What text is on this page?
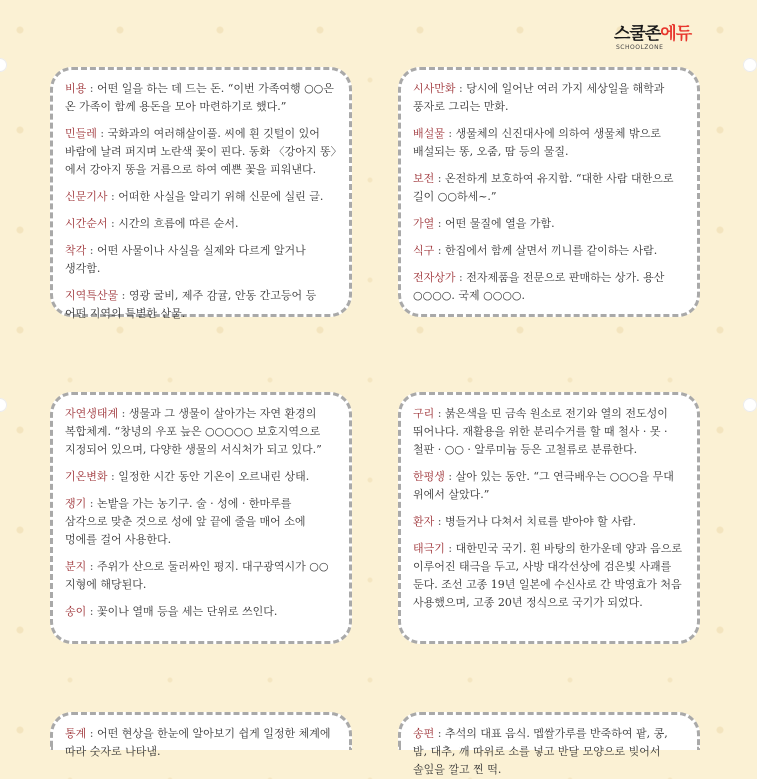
스쿨존에듀
SCHOOLZONE
비용 : 어떤 일을 하는 데 드는 돈. “이번 가족여행 ○○은 온 가족이 함께 용돈을 모아 마련하기로 했다.”
민들레 : 국화과의 여러해살이풀. 씨에 흰 깃털이 있어 바람에 날려 퍼지며 노란색 꽃이 핀다. 동화 〈강아지 똥〉에서 강아지 똥을 거름으로 하여 예쁜 꽃을 피워낸다.
신문기사 : 어떠한 사실을 알리기 위해 신문에 실린 글.
시간순서 : 시간의 흐름에 따른 순서.
착각 : 어떤 사물이나 사실을 실제와 다르게 알거나 생각함.
지역특산물 : 영광 굴비, 제주 감귤, 안동 간고등어 등 어떤 지역의 특별한 산물.
시사만화 : 당시에 일어난 여러 가지 세상일을 해학과 풍자로 그리는 만화.
배설물 : 생물체의 신진대사에 의하여 생물체 밖으로 배설되는 똥, 오줌, 땀 등의 물질.
보전 : 온전하게 보호하여 유지함. “대한 사람 대한으로 길이 ○○하세~.”
가열 : 어떤 물질에 열을 가함.
식구 : 한집에서 함께 살면서 끼니를 같이하는 사람.
전자상가 : 전자제품을 전문으로 판매하는 상가. 용산 ○○○○. 국제 ○○○○.
자연생태계 : 생물과 그 생물이 살아가는 자연 환경의 복합체계. “창녕의 우포 늪은 ○○○○○ 보호지역으로 지정되어 있으며, 다양한 생물의 서식처가 되고 있다.”
기온변화 : 일정한 시간 동안 기온이 오르내린 상태.
쟁기 : 논밭을 가는 농기구. 술 · 성에 · 한마루를 삼각으로 맞춘 것으로 성에 앞 끝에 줄을 매어 소에 멍에를 걸어 사용한다.
분지 : 주위가 산으로 둘러싸인 평지. 대구광역시가 ○○지형에 해당된다.
송이 : 꽃이나 열매 등을 세는 단위로 쓰인다.
구리 : 붉은색을 띤 금속 원소로 전기와 열의 전도성이 뛰어나다. 재활용을 위한 분리수거를 할 때 철사 · 못 · 철판 · ○○ · 알루미늄 등은 고철류로 분류한다.
한평생 : 살아 있는 동안. “그 연극배우는 ○○○을 무대 위에서 살았다.”
환자 : 병들거나 다쳐서 치료를 받아야 할 사람.
태극기 : 대한민국 국기. 흰 바탕의 한가운데 양과 음으로 이루어진 태극을 두고, 사방 대각선상에 검은빛 사괘를 둔다. 조선 고종 19년 일본에 수신사로 간 박영효가 처음 사용했으며, 고종 20년 정식으로 국기가 되었다.
통계 : 어떤 현상을 한눈에 알아보기 쉽게 일정한 체계에 따라 숫자로 나타냄.
송편 : 추석의 대표 음식. 멥쌀가루를 반죽하여 팥, 콩, 밤, 대추, 깨 따위로 소를 넣고 반달 모양으로 빚어서 솔잎을 깔고 찐 떡.
